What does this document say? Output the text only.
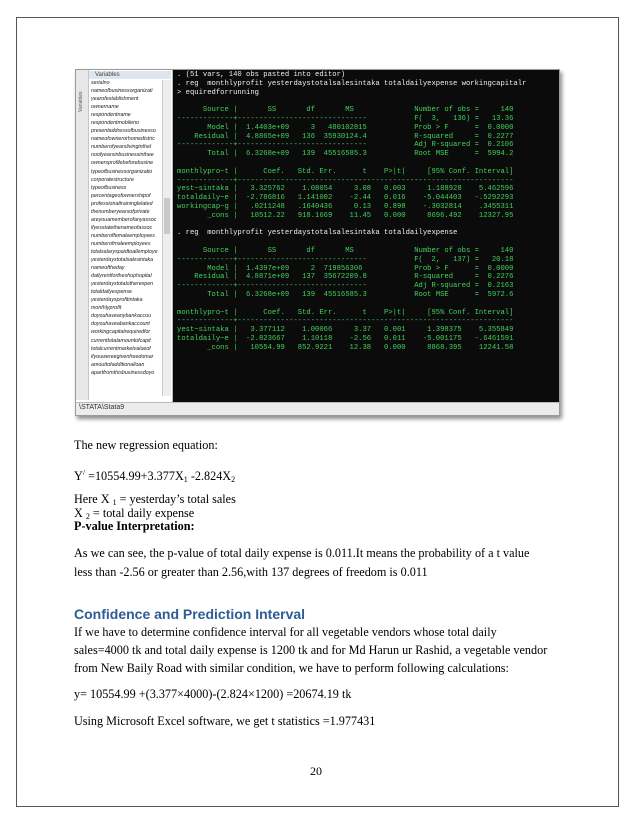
Variables
Variables
serialno
nameofbusinessorganizati
yearofestablishment
ownername
respondentname
respondentmobileno
presentaddressofbusinesso
nameofownerorhomedistric
numberofyearslivinginthel
noofyearsinbusinessinthee
ownersprofilebefore​busine
typeofbusinessorganizatio
corporatestructure
typeofbusiness
percentageofownershipof
professionaltraininglelated
thenumberyearsofprivate
areyouamemberofanyassoc
ifyesstatethenameofassoc
numberoffemaleemployees
numberofmaleemployees
totalsalaryspaidtoallemploye
yesterdaystotalsalesintaka
nameoftheday
dailyrentfortheshophopital
yesterdaystotalotherexpen
totaldailyexpense
yesterdaysprofitintaka
monthlyprofit
doyouhaveanybankaccou
doyouhaveabankaccount
workingcapitalrequiredfor
currenttotalamountofcapit
totalcurrentmarketvalueof
ifyouwereegivenfreedomar
amouttofadditionalloan
apartfromthisbusinessdoyo
. (51 vars, 140 obs pasted into editor)
. reg  monthlyprofit yesterdaystotalsalesintaka totaldailyexpense workingcapitalr
> equiredforrunning

Source |       SS       df       MS              Number of obs =     140
-------------+------------------------------           F(  3,   136) =   13.36
Model |  1.4403e+09     3   480102815           Prob > F      =  0.0000
Residual |  4.8865e+09   136  35930124.4           R-squared     =  0.2277
-------------+------------------------------           Adj R-squared =  0.2106
Total |  6.3268e+09   139  45516585.3           Root MSE      =  5994.2

monthlypro~t |      Coef.   Std. Err.      t    P>|t|     [95% Conf. Interval]
-------------+----------------------------------------------------------------
yest~sintaka |   3.325762    1.08054     3.08   0.003     1.188928    5.462596
totaldaily~e |  -2.786816   1.141002    -2.44   0.016    -5.044403   -.5292293
workingcap~g |   .0211248   .1640436     0.13   0.898    -.3032814    .3455311
_cons |   10512.22   918.1669    11.45   0.000     8696.492    12327.95

. reg  monthlyprofit yesterdaystotalsalesintaka totaldailyexpense

Source |       SS       df       MS              Number of obs =     140
-------------+------------------------------           F(  2,   137) =   20.18
Model |  1.4397e+09     2  719856306            Prob > F      =  0.0000
Residual |  4.8871e+09   137  35672209.8           R-squared     =  0.2276
-------------+------------------------------           Adj R-squared =  0.2163
Total |  6.3268e+09   139  45516585.3           Root MSE      =  5972.6

monthlypro~t |      Coef.   Std. Err.      t    P>|t|     [95% Conf. Interval]
-------------+----------------------------------------------------------------
yest~sintaka |   3.377112    1.00066     3.37   0.001     1.398375    5.355849
totaldaily~e |  -2.823667    1.10118    -2.56   0.011    -5.001175   -.6461591
_cons |   10554.99   852.9221    12.38   0.000     8868.395    12241.58

\STATA\Stata9
The new regression equation:
$Y^/ =10554.99+3.377X_1$ $-2.824X_2$
Here X $_1$ = yesterday’s total sales
X $_2$ = total daily expense
P-value Interpretation:
As we can see, the p-value of total daily expense is 0.011.It means the probability of a t value
less than -2.56 or greater than 2.56,with 137 degrees of freedom is 0.011
Confidence and Prediction Interval
If we have to determine confidence interval for all vegetable vendors whose total daily
sales=4000 tk and total daily expense is 1200 tk and for Md Harun ur Rashid, a vegetable vendor
from New Baily Road with similar condition, we have to perform following calculations:
y= 10554.99 +(3.377×4000)-(2.824×1200) =20674.19 tk
Using Microsoft Excel software, we get t statistics =1.977431
20
